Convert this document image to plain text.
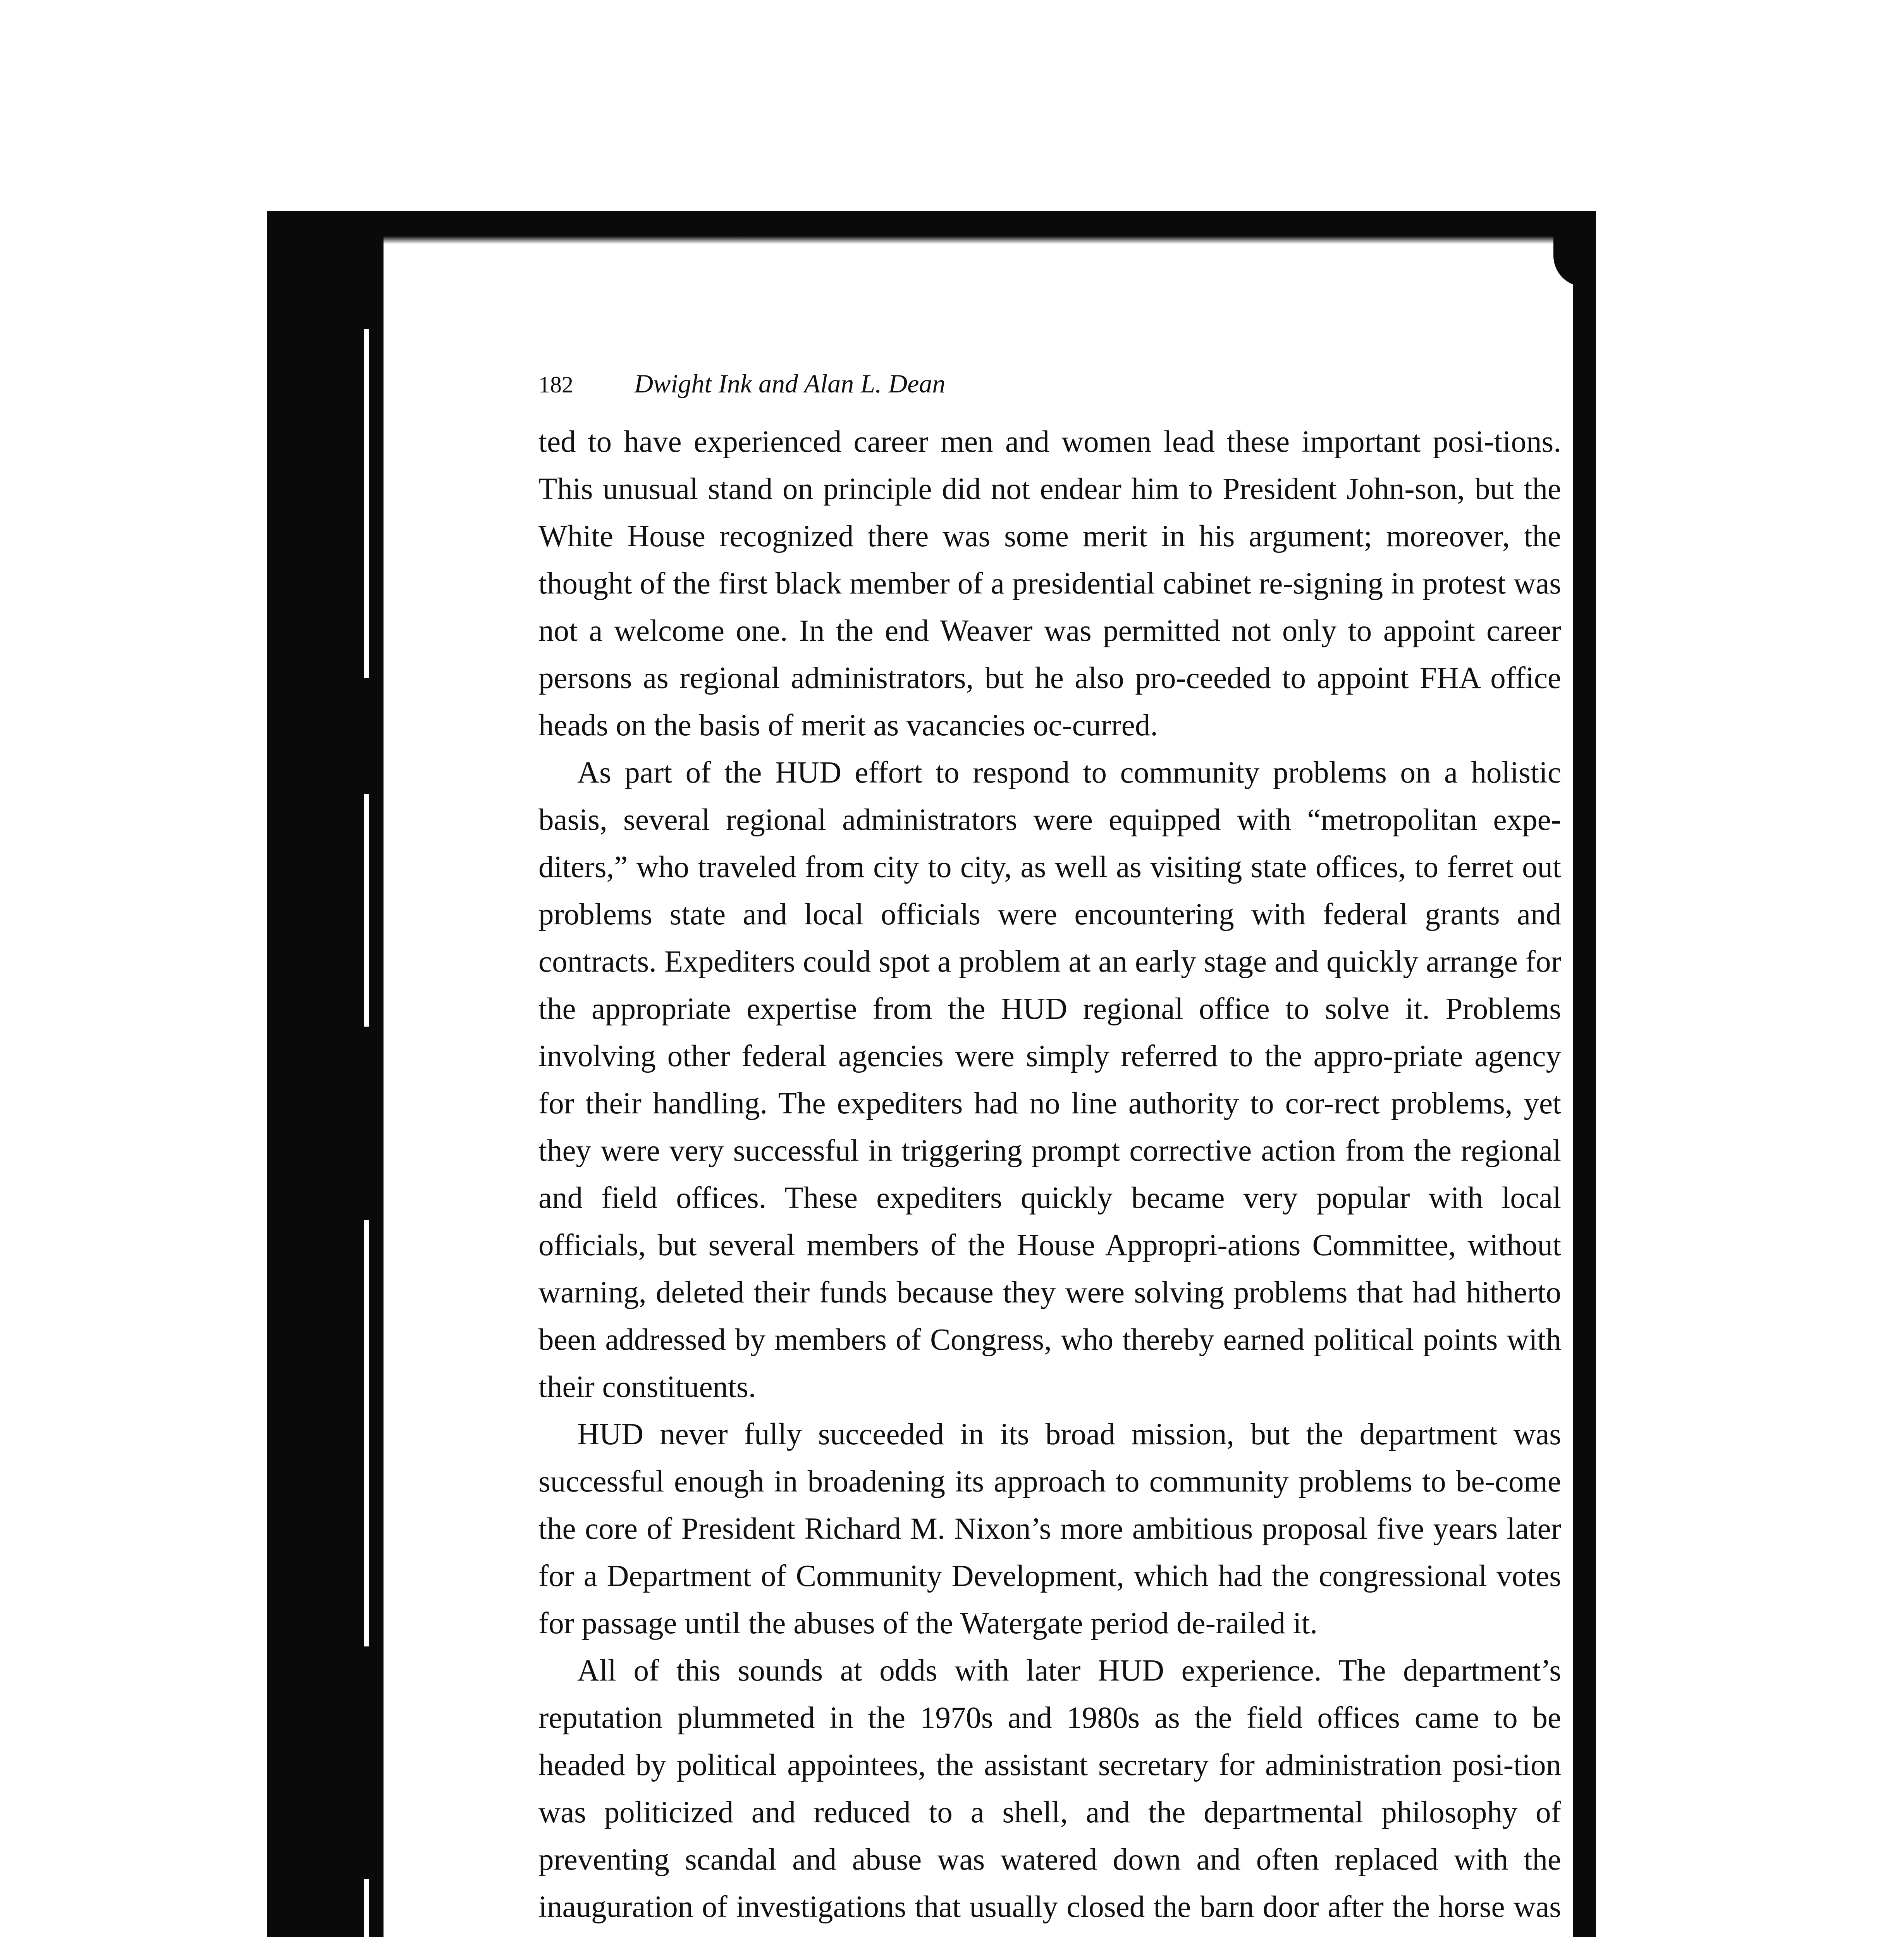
182 Dwight Ink and Alan L. Dean

ted to have experienced career men and women lead these important posi-tions. This unusual stand on principle did not endear him to President John-son, but the White House recognized there was some merit in his argument; moreover, the thought of the first black member of a presidential cabinet re-signing in protest was not a welcome one. In the end Weaver was permitted not only to appoint career persons as regional administrators, but he also pro-ceeded to appoint FHA office heads on the basis of merit as vacancies oc-curred.

As part of the HUD effort to respond to community problems on a holistic basis, several regional administrators were equipped with “metropolitan expe-diters,” who traveled from city to city, as well as visiting state offices, to ferret out problems state and local officials were encountering with federal grants and contracts. Expediters could spot a problem at an early stage and quickly arrange for the appropriate expertise from the HUD regional office to solve it. Problems involving other federal agencies were simply referred to the appro-priate agency for their handling. The expediters had no line authority to cor-rect problems, yet they were very successful in triggering prompt corrective action from the regional and field offices. These expediters quickly became very popular with local officials, but several members of the House Appropri-ations Committee, without warning, deleted their funds because they were solving problems that had hitherto been addressed by members of Congress, who thereby earned political points with their constituents.

HUD never fully succeeded in its broad mission, but the department was successful enough in broadening its approach to community problems to be-come the core of President Richard M. Nixon’s more ambitious proposal five years later for a Department of Community Development, which had the congressional votes for passage until the abuses of the Watergate period de-railed it.

All of this sounds at odds with later HUD experience. The department’s reputation plummeted in the 1970s and 1980s as the field offices came to be headed by political appointees, the assistant secretary for administration posi-tion was politicized and reduced to a shell, and the departmental philosophy of preventing scandal and abuse was watered down and often replaced with the inauguration of investigations that usually closed the barn door after the horse was
